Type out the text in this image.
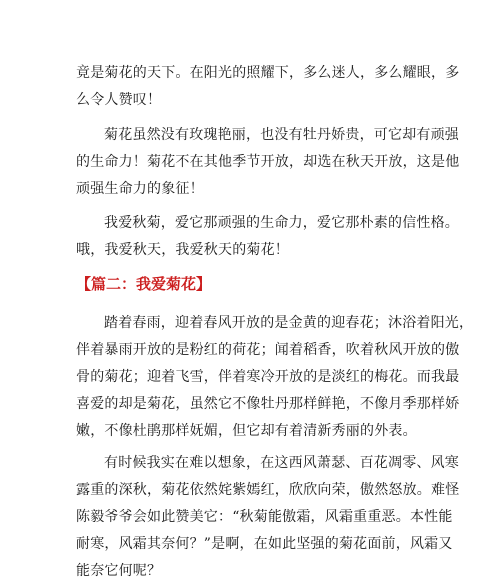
竟是菊花的天下。在阳光的照耀下，多么迷人，多么耀眼，多
么令人赞叹！
菊花虽然没有玫瑰艳丽，也没有牡丹娇贵，可它却有顽强
的生命力！菊花不在其他季节开放，却选在秋天开放，这是他
顽强生命力的象征！
我爱秋菊，爱它那顽强的生命力，爱它那朴素的信性格。
哦，我爱秋天，我爱秋天的菊花！
【篇二：我爱菊花】
踏着春雨，迎着春风开放的是金黄的迎春花；沐浴着阳光，
伴着暴雨开放的是粉红的荷花；闻着稻香，吹着秋风开放的傲
骨的菊花；迎着飞雪，伴着寒冷开放的是淡红的梅花。而我最
喜爱的却是菊花，虽然它不像牡丹那样鲜艳，不像月季那样娇
嫩，不像杜鹃那样妩媚，但它却有着清新秀丽的外表。
有时候我实在难以想象，在这西风萧瑟、百花凋零、风寒
露重的深秋，菊花依然姹紫嫣红，欣欣向荣，傲然怒放。难怪
陈毅爷爷会如此赞美它：“秋菊能傲霜，风霜重重恶。本性能
耐寒，风霜其奈何？”是啊，在如此坚强的菊花面前，风霜又
能奈它何呢？
